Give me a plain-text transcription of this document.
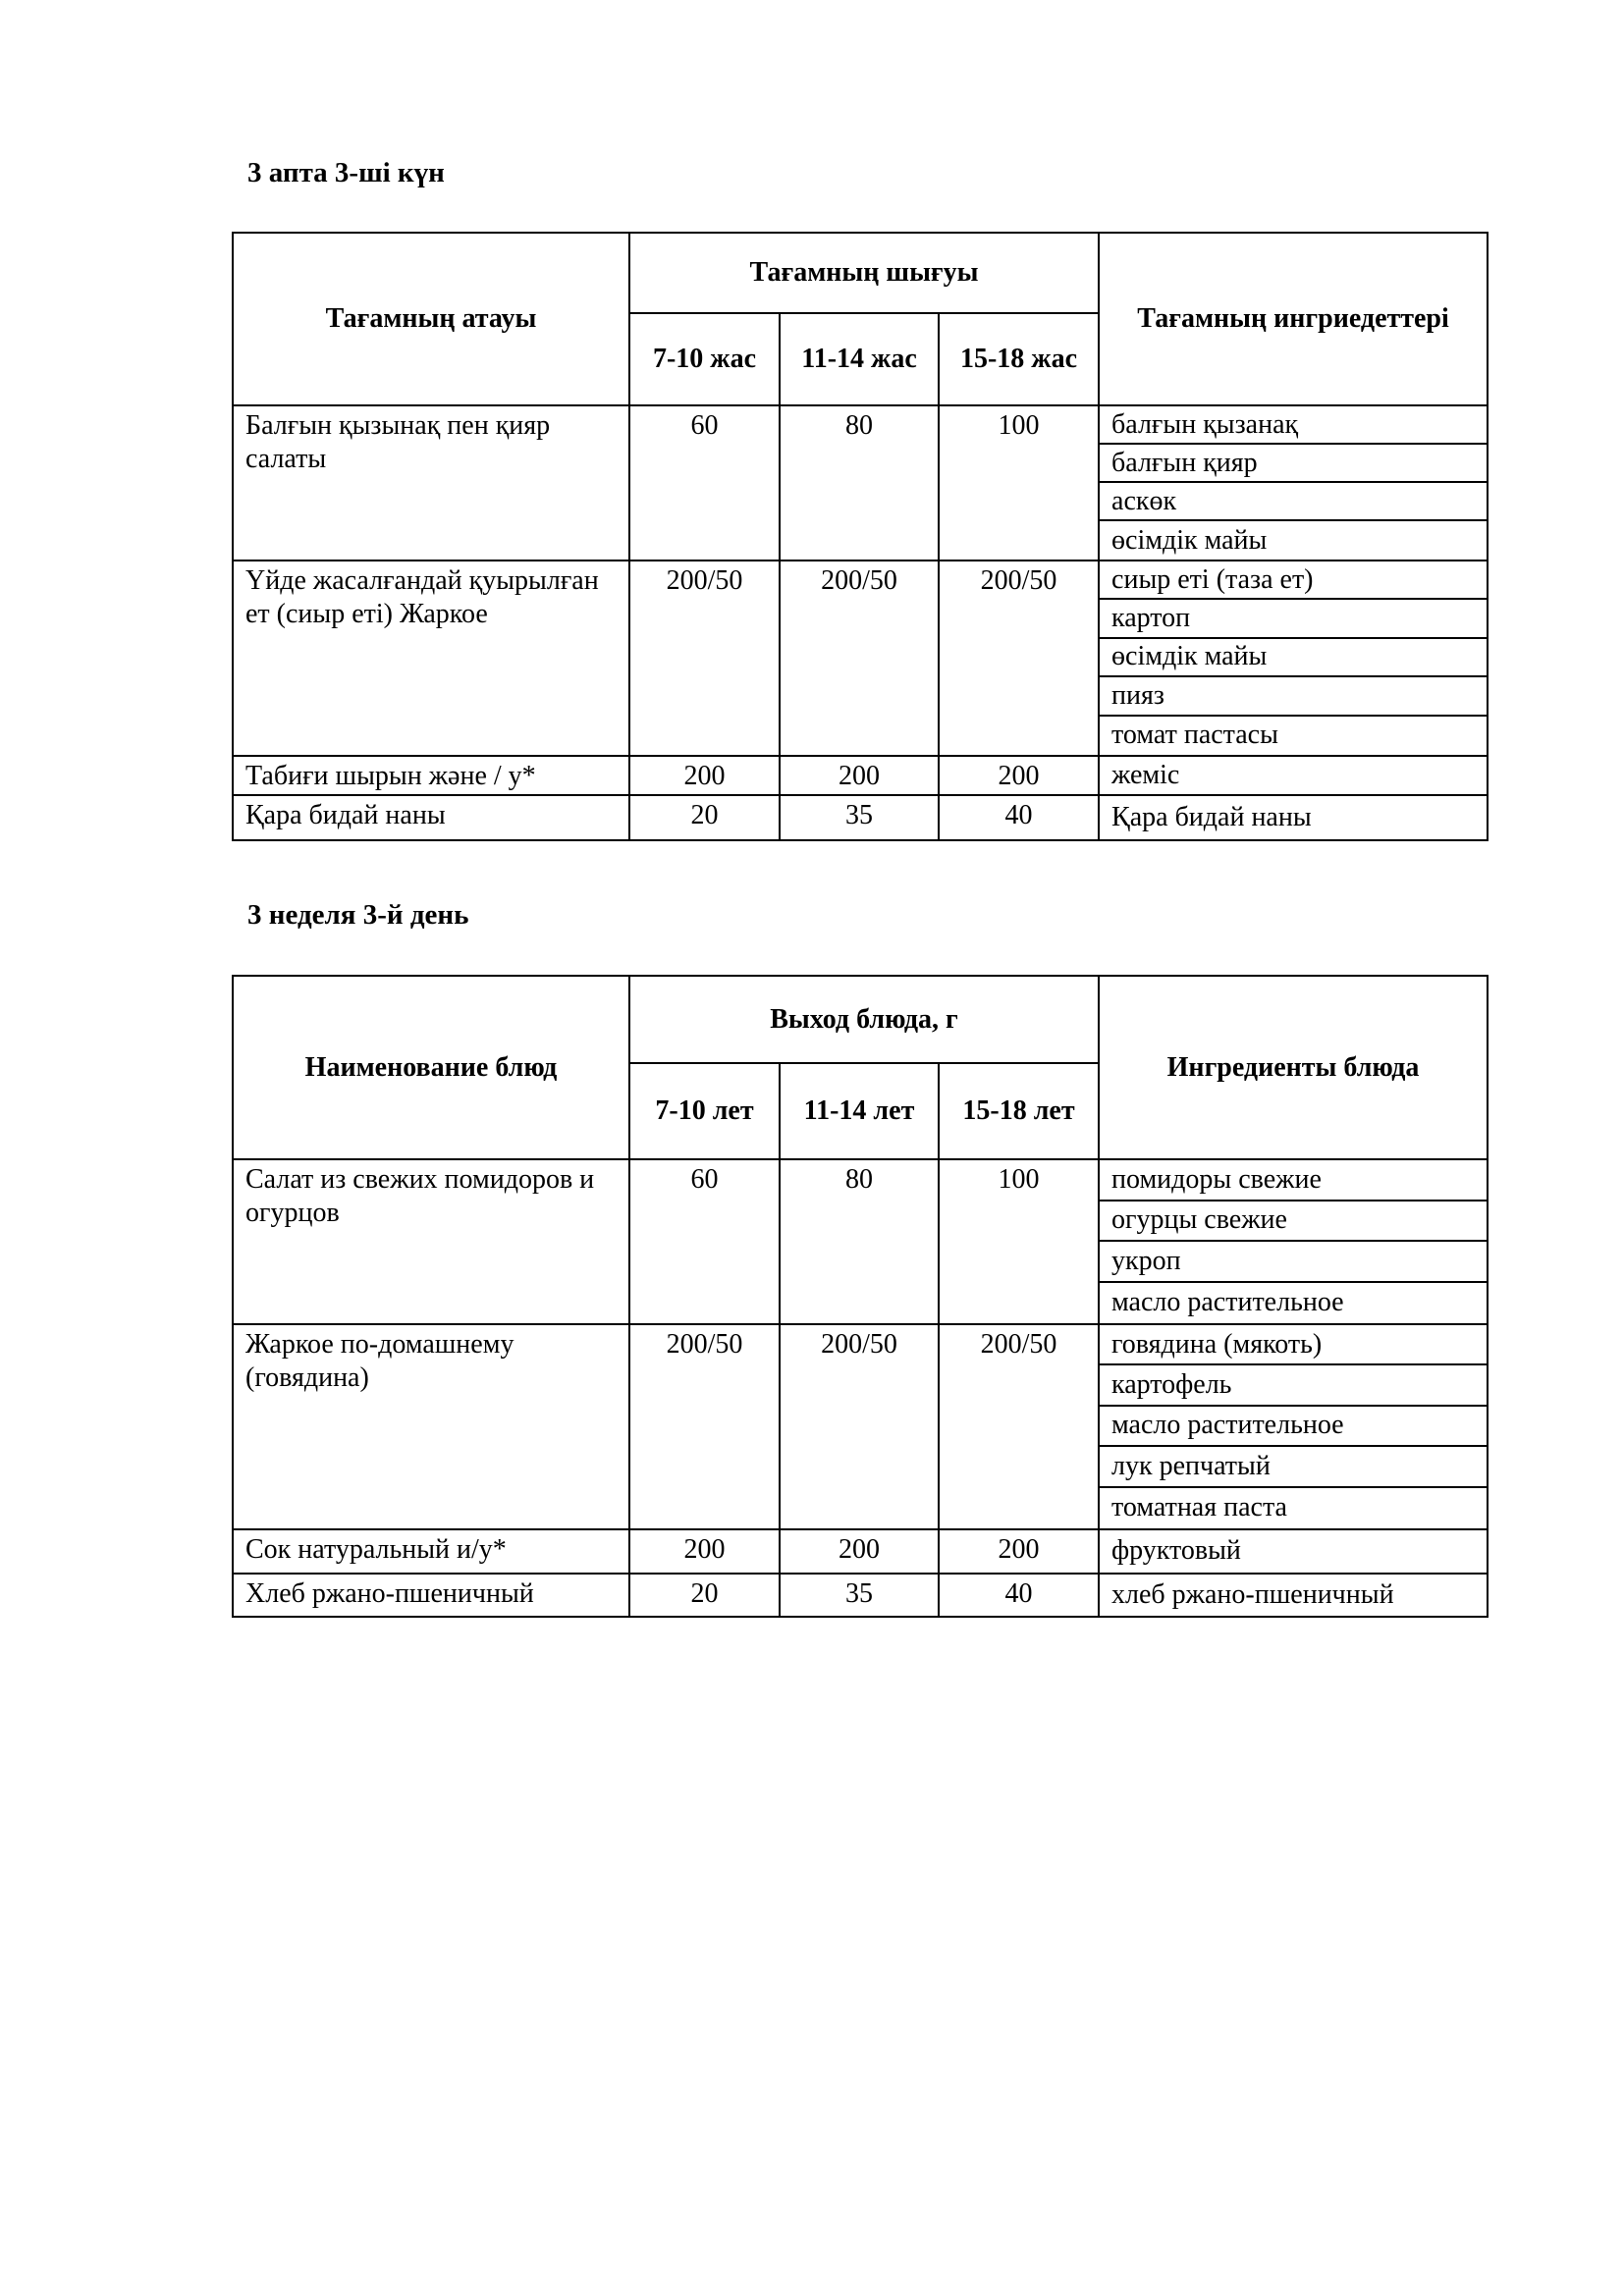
3 апта 3-ші күн
Тағамның атауы	Тағамның шығуы			Тағамның ингриедеттері
	7-10 жас	11-14 жас	15-18 жас	
Балғын қызынақ пен қияр салаты	60	80	100	балғын қызанақ
балғын қияр
аскөк
өсімдік майы

Үйде жасалғандай қуырылған ет (сиыр еті) Жаркое	200/50	200/50	200/50	сиыр еті (таза ет)
картоп
өсімдік майы
пияз
томат пастасы

Табиғи шырын және / у*	200	200	200	жеміс

Қара бидай наны	20	35	40	Қара бидай наны
3 неделя 3-й день
Наименование блюд	Выход блюда, г			Ингредиенты блюда
	7-10 лет	11-14 лет	15-18 лет	
Салат из свежих помидоров и огурцов	60	80	100	помидоры свежие
огурцы свежие
укроп
масло растительное

Жаркое по-домашнему (говядина)	200/50	200/50	200/50	говядина (мякоть)
картофель
масло растительное
лук репчатый
томатная паста

Сок натуральный и/у*	200	200	200	фруктовый

Хлеб ржано-пшеничный	20	35	40	хлеб ржано-пшеничный
